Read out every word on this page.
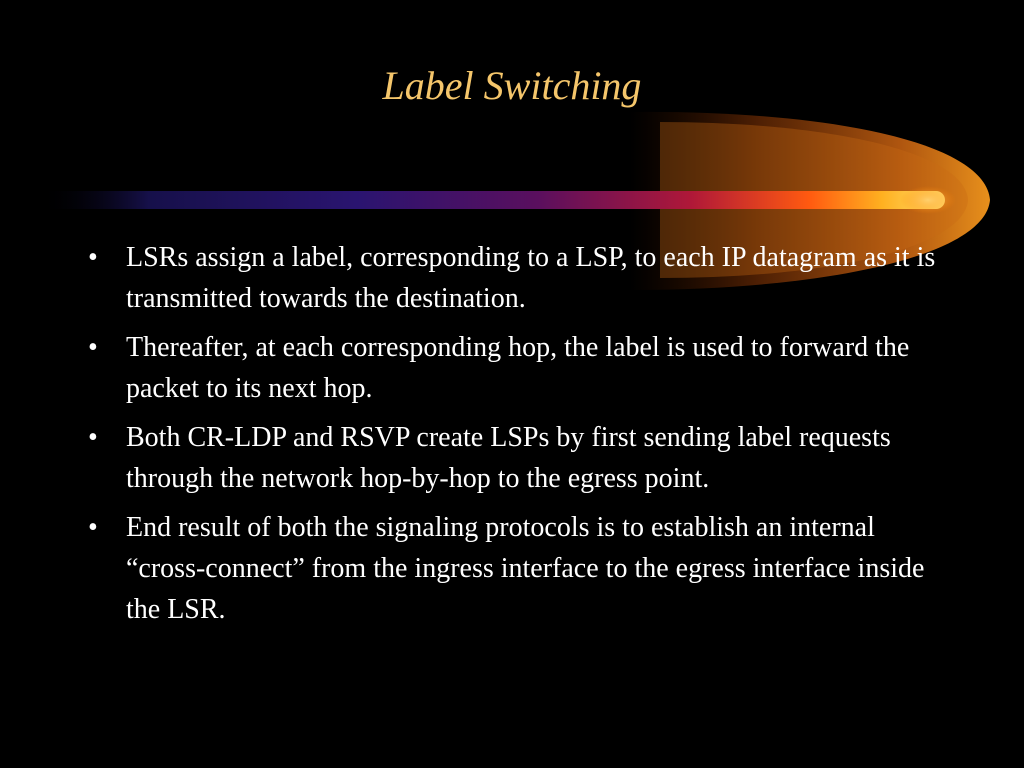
Label Switching
• LSRs assign a label, corresponding to a LSP, to each IP datagram as it is transmitted towards the destination.
• Thereafter, at each corresponding hop, the label is used to forward the packet to its next hop.
• Both CR-LDP and RSVP create LSPs by first sending label requests through the network hop-by-hop to the egress point.
• End result of both the signaling protocols is to establish an internal “cross-connect” from the ingress interface to the egress interface inside the LSR.
